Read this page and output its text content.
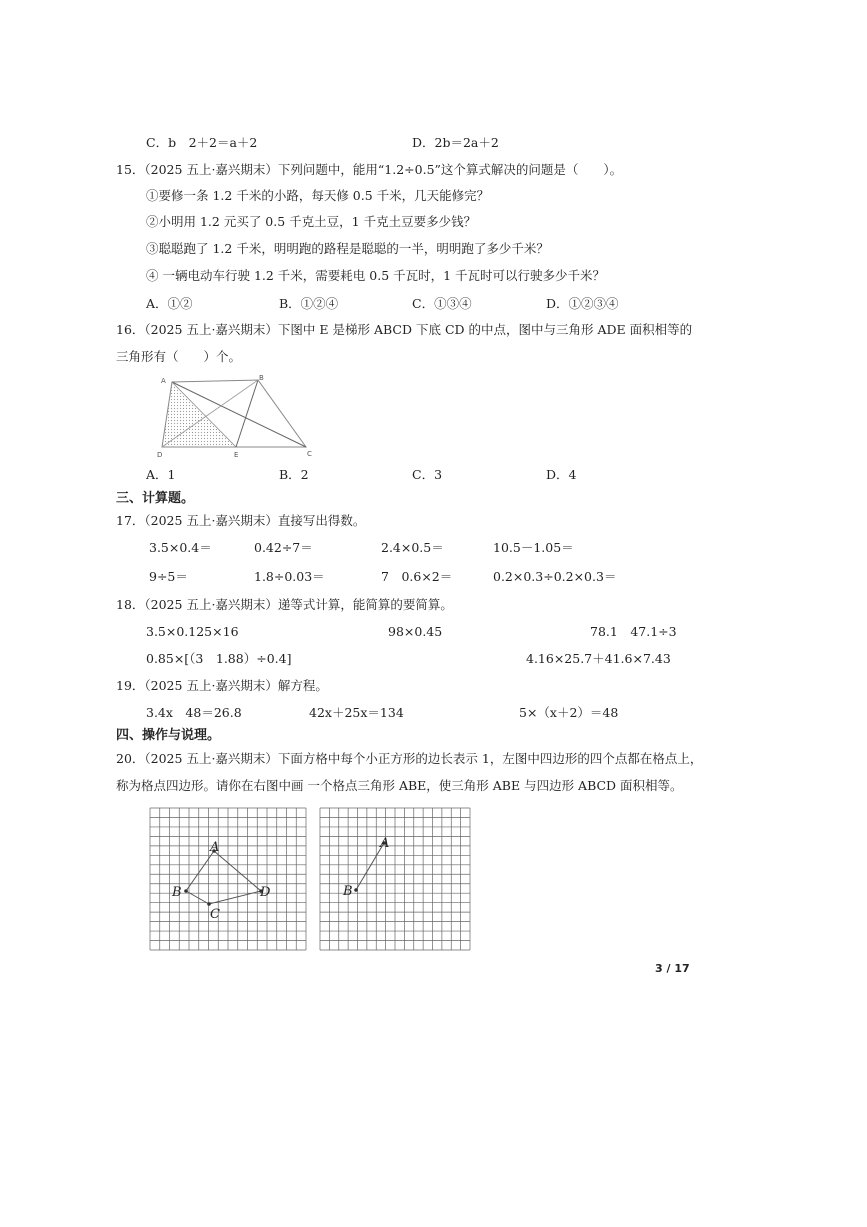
C．b　2＋2＝a＋2	D．2b＝2a＋2
15．（2025 五上·嘉兴期末）下列问题中，能用“1.2÷0.5”这个算式解决的问题是（　　）。
①要修一条 1.2 千米的小路，每天修 0.5 千米，几天能修完？
②小明用 1.2 元买了 0.5 千克土豆，1 千克土豆要多少钱？
③聪聪跑了 1.2 千米，明明跑的路程是聪聪的一半，明明跑了多少千米？
④ 一辆电动车行驶 1.2 千米，需要耗电 0.5 千瓦时，1 千瓦时可以行驶多少千米？
A．①②	B．①②④	C．①③④	D．①②③④
16．（2025 五上·嘉兴期末）下图中 E 是梯形 ABCD 下底 CD 的中点，图中与三角形 ADE 面积相等的
三角形有（　　）个。
A	B
C
D	E
A．1	B．2	C．3	D．4
三、计算题。
17．（2025 五上·嘉兴期末）直接写出得数。
3.5×0.4＝	0.42÷7＝	2.4×0.5＝	10.5－1.05＝
9÷5＝	1.8÷0.03＝	7　0.6×2＝	0.2×0.3÷0.2×0.3＝
18．（2025 五上·嘉兴期末）递等式计算，能简算的要简算。
3.5×0.125×16	98×0.45	78.1　47.1÷3
0.85×[（3　1.88）÷0.4]	4.16×25.7＋41.6×7.43
19．（2025 五上·嘉兴期末）解方程。
3.4x　48＝26.8	42x＋25x＝134	5×（x＋2）＝48
四、操作与说理。
20．（2025 五上·嘉兴期末）下面方格中每个小正方形的边长表示 1，左图中四边形的四个点都在格点上，
称为格点四边形。请你在右图中画 一个格点三角形 ABE，使三角形 ABE 与四边形 ABCD 面积相等。
A
B
C
D
A
B
3 / 17
